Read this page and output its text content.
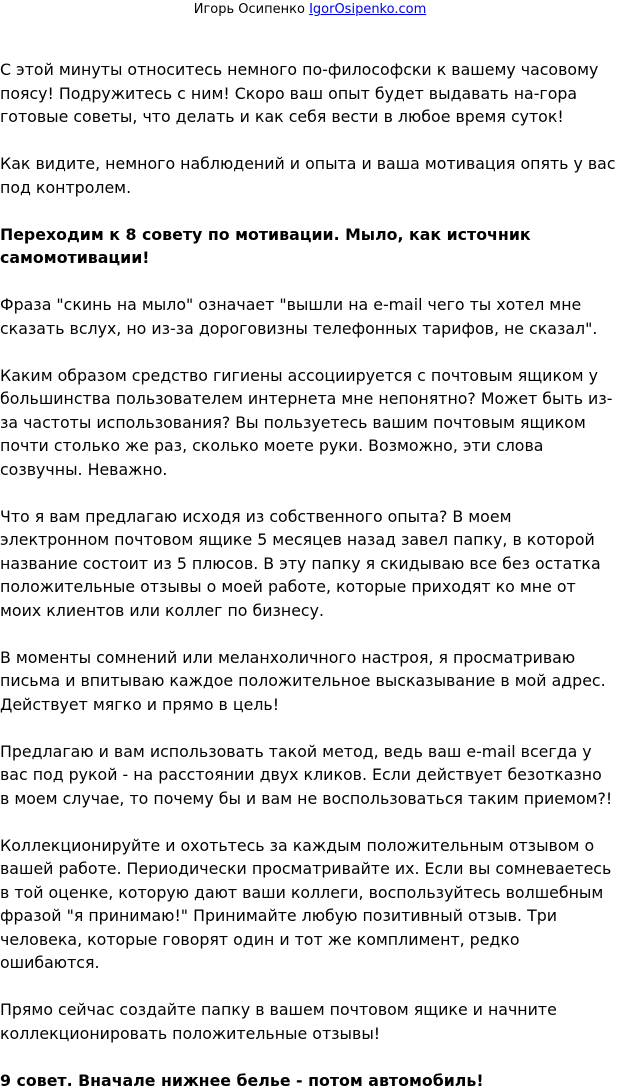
Игорь Осипенко IgorOsipenko.com

С этой минуты относитесь немного по-философски к вашему часовому поясу! Подружитесь с ним! Скоро ваш опыт будет выдавать на-гора готовые советы, что делать и как себя вести в любое время суток!

Как видите, немного наблюдений и опыта и ваша мотивация опять у вас под контролем.

Переходим к 8 совету по мотивации. Мыло, как источник самомотивации!

Фраза "скинь на мыло" означает "вышли на e-mail чего ты хотел мне сказать вслух, но из-за дороговизны телефонных тарифов, не сказал".

Каким образом средство гигиены ассоциируется с почтовым ящиком у большинства пользователем интернета мне непонятно? Может быть из-за частоты использования? Вы пользуетесь вашим почтовым ящиком почти столько же раз, сколько моете руки. Возможно, эти слова созвучны. Неважно.

Что я вам предлагаю исходя из собственного опыта? В моем электронном почтовом ящике 5 месяцев назад завел папку, в которой название состоит из 5 плюсов. В эту папку я скидываю все без остатка положительные отзывы о моей работе, которые приходят ко мне от моих клиентов или коллег по бизнесу.

В моменты сомнений или меланхоличного настроя, я просматриваю письма и впитываю каждое положительное высказывание в мой адрес. Действует мягко и прямо в цель!

Предлагаю и вам использовать такой метод, ведь ваш e-mail всегда у вас под рукой - на расстоянии двух кликов. Если действует безотказно в моем случае, то почему бы и вам не воспользоваться таким приемом?!

Коллекционируйте и охотьтесь за каждым положительным отзывом о вашей работе. Периодически просматривайте их. Если вы сомневаетесь в той оценке, которую дают ваши коллеги, воспользуйтесь волшебным фразой "я принимаю!" Принимайте любую позитивный отзыв. Три человека, которые говорят один и тот же комплимент, редко ошибаются.

Прямо сейчас создайте папку в вашем почтовом ящике и начните коллекционировать положительные отзывы!

9 совет. Вначале нижнее белье - потом автомобиль!
